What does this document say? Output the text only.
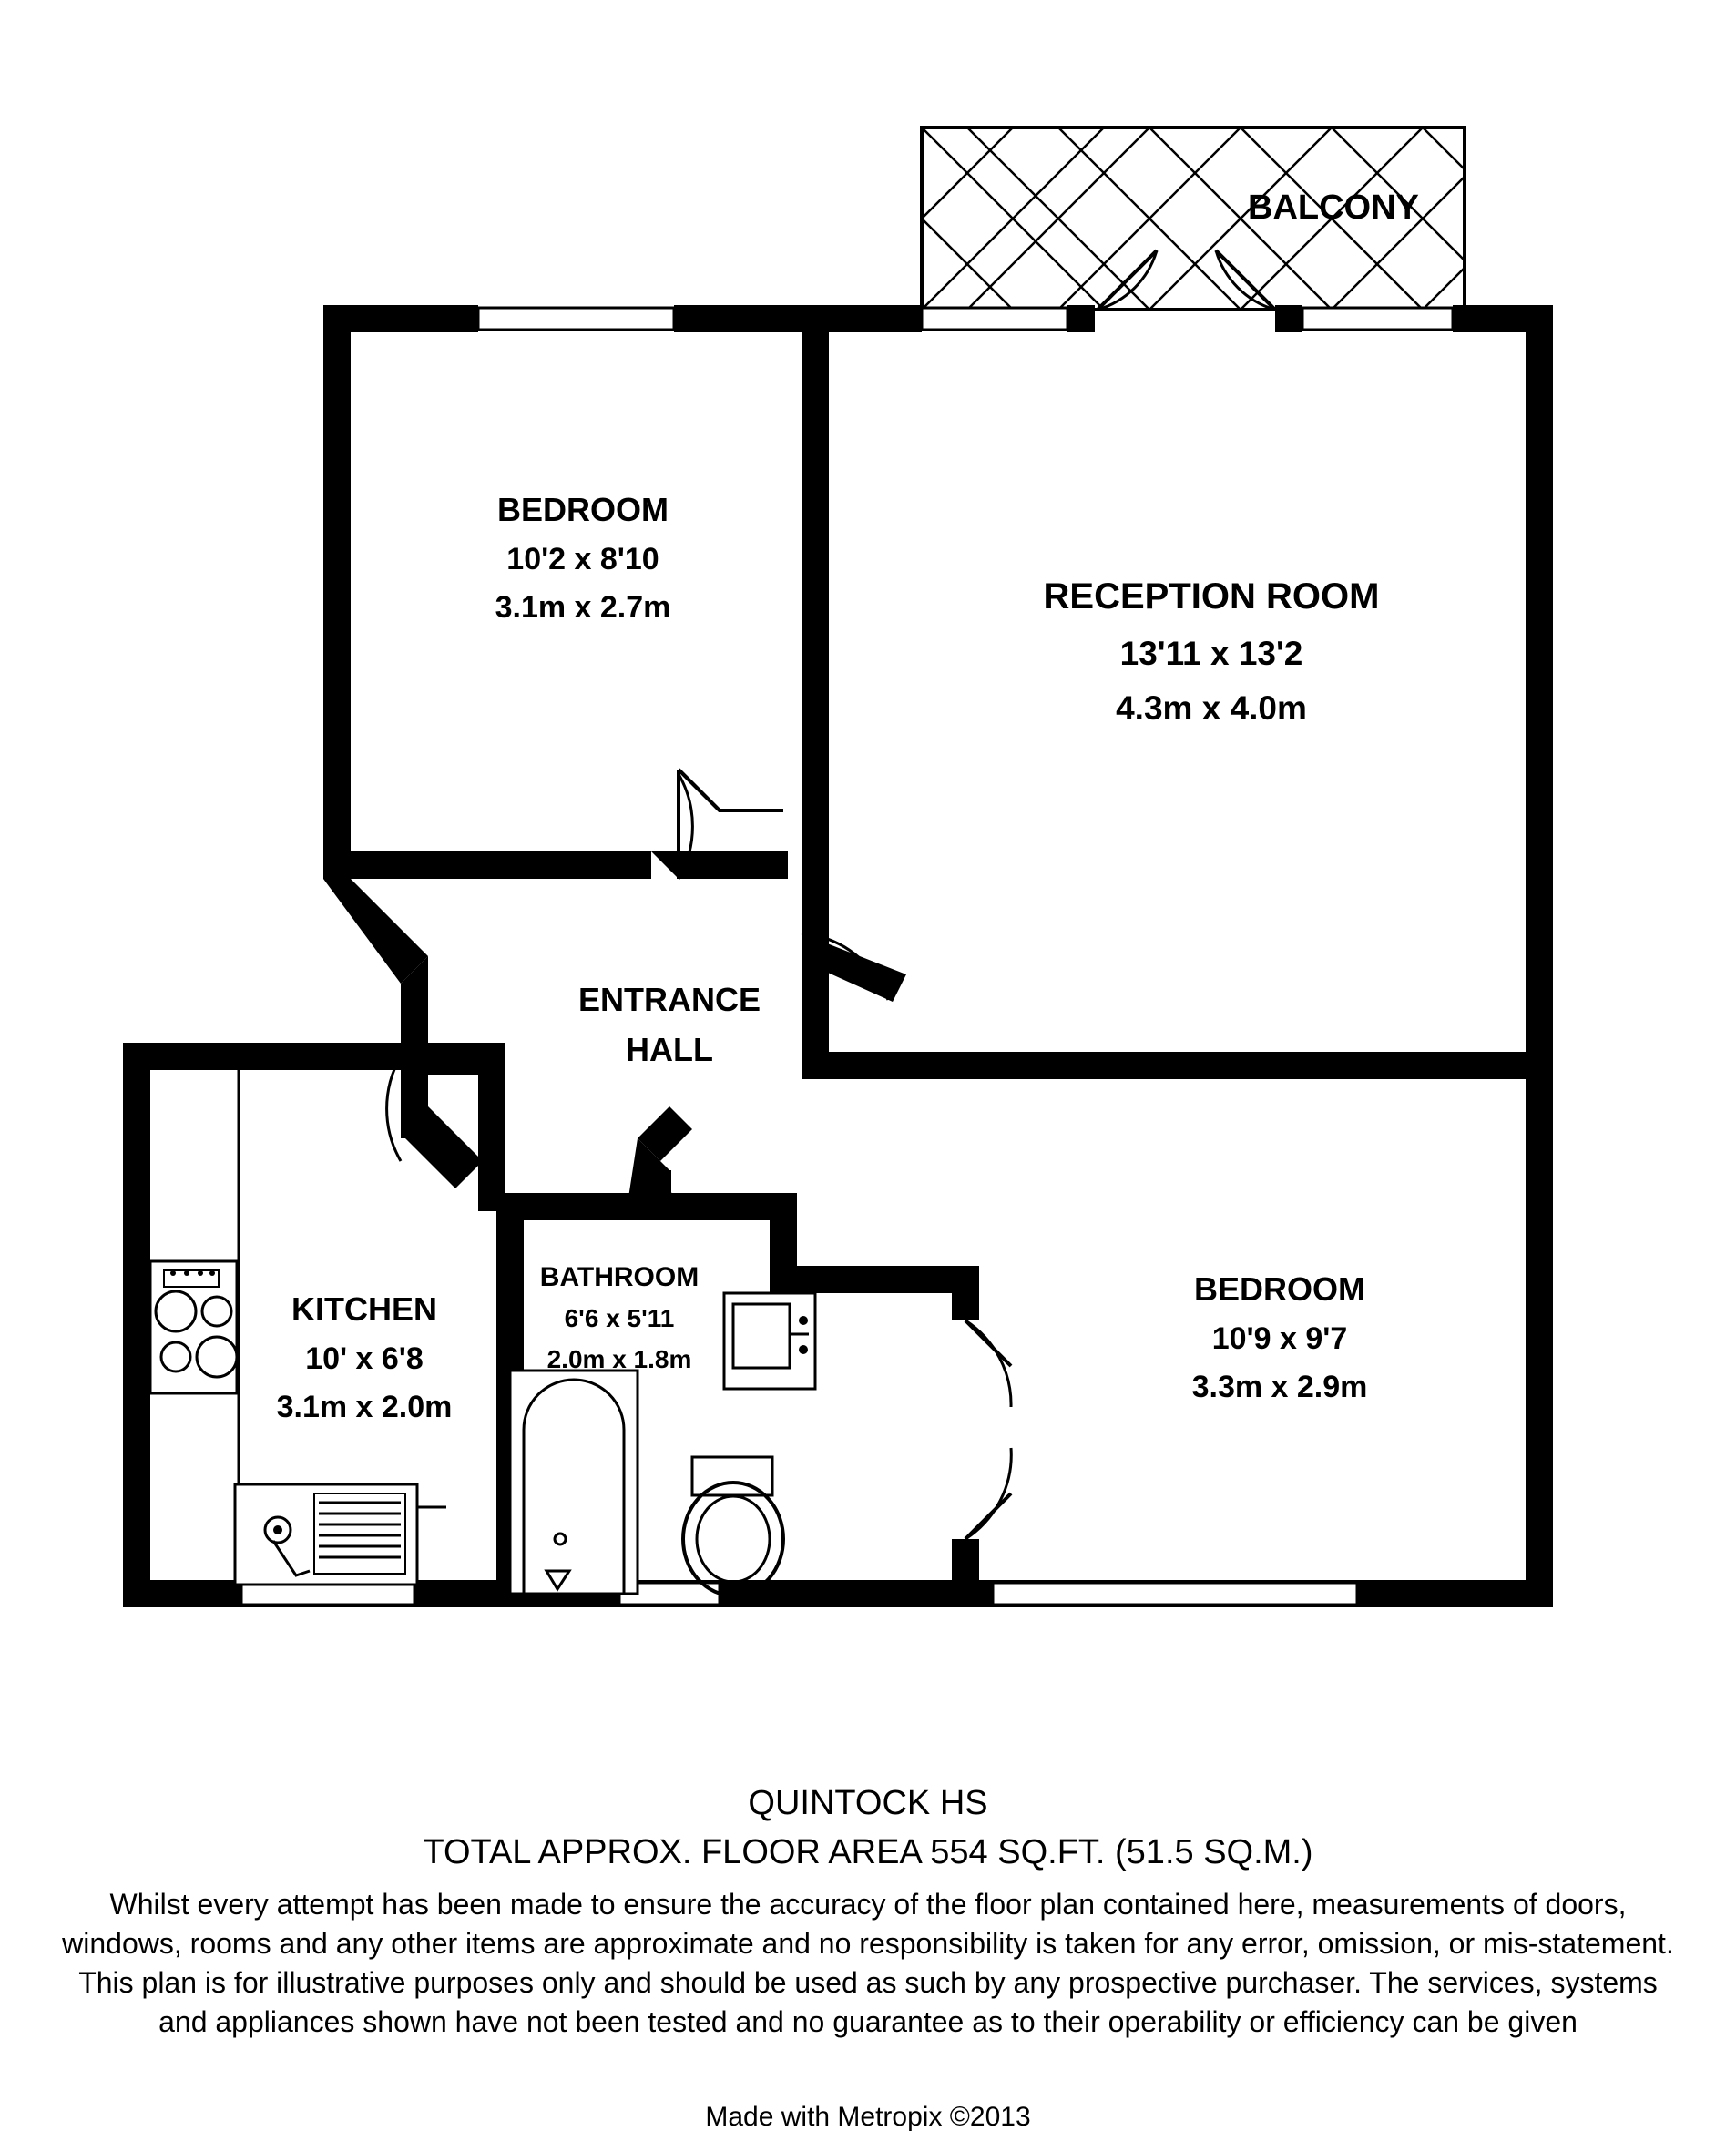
BALCONY
BEDROOM
10'2 x 8'10
3.1m x 2.7m	RECEPTION ROOM
13'11 x 13'2
4.3m x 4.0m
ENTRANCE
HALL
KITCHEN
10' x 6'8
3.1m x 2.0m
BATHROOM
6'6 x 5'11
2.0m x 1.8m
BEDROOM
10'9 x 9'7
3.3m x 2.9m
QUINTOCK HS
TOTAL APPROX. FLOOR AREA 554 SQ.FT. (51.5 SQ.M.)
Whilst every attempt has been made to ensure the accuracy of the floor plan contained here, measurements of doors, windows, rooms and any other items are approximate and no responsibility is taken for any error, omission, or mis-statement. This plan is for illustrative purposes only and should be used as such by any prospective purchaser. The services, systems and appliances shown have not been tested and no guarantee as to their operability or efficiency can be given
Made with Metropix ©2013
